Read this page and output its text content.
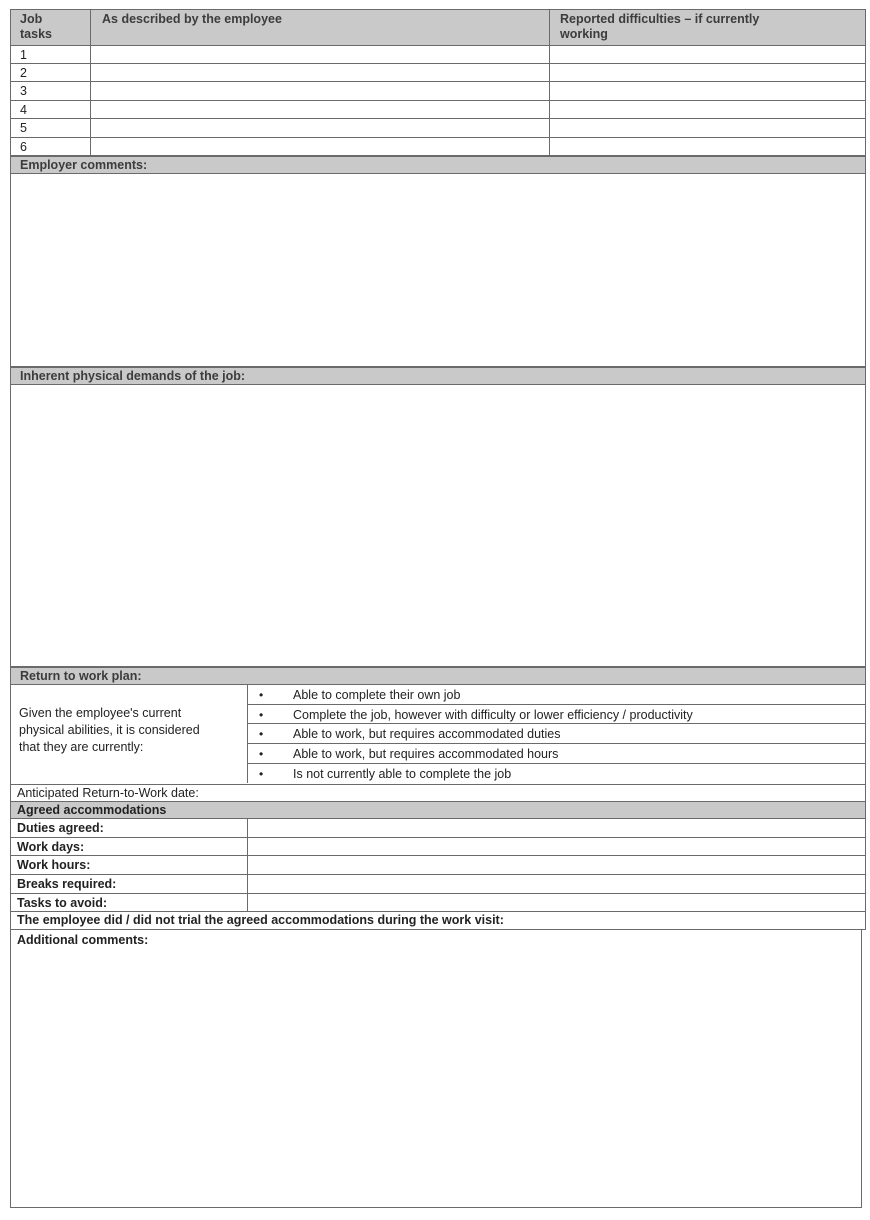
Job
tasks
As described by the employee	Reported difficulties – if currently
working
1
2
3
4
5
6
Employer comments:
Inherent physical demands of the job:
Return to work plan:
Given the employee's current
physical abilities, it is considered
that they are currently:
• Able to complete their own job
• Complete the job, however with difficulty or lower efficiency / productivity
• Able to work, but requires accommodated duties
• Able to work, but requires accommodated hours
• Is not currently able to complete the job
Anticipated Return-to-Work date:
Agreed accommodations
Duties agreed:
Work days:
Work hours:
Breaks required:
Tasks to avoid:
The employee did / did not trial the agreed accommodations during the work visit:
Additional comments:
